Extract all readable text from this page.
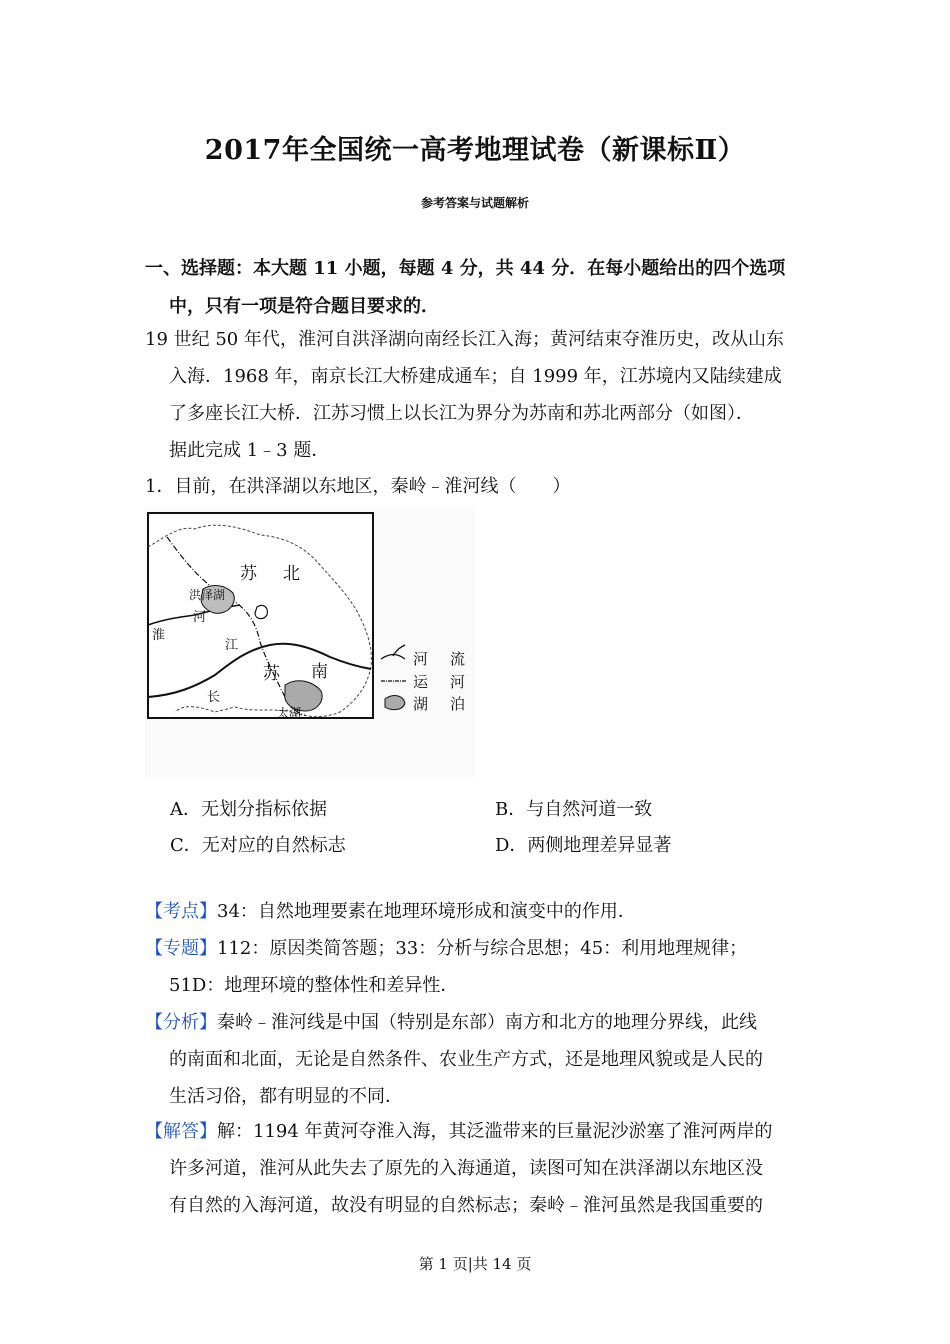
2017年全国统一高考地理试卷（新课标Ⅱ）
参考答案与试题解析
一、选择题：本大题 11 小题，每题 4 分，共 44 分．在每小题给出的四个选项
中，只有一项是符合题目要求的．
19 世纪 50 年代，淮河自洪泽湖向南经长江入海；黄河结束夺淮历史，改从山东
入海．1968 年，南京长江大桥建成通车；自 1999 年，江苏境内又陆续建成
了多座长江大桥．江苏习惯上以长江为界分为苏南和苏北两部分（如图）．
据此完成 1﹣3 题．
1．目前，在洪泽湖以东地区，秦岭﹣淮河线（　　）
苏 北
洪泽湖
淮
河
江
苏 南
长
太湖
河 流
运 河
湖 泊
A．无划分指标依据	B．与自然河道一致
C．无对应的自然标志	D．两侧地理差异显著
【考点】34：自然地理要素在地理环境形成和演变中的作用．
【专题】112：原因类简答题；33：分析与综合思想；45：利用地理规律；
51D：地理环境的整体性和差异性．
【分析】秦岭﹣淮河线是中国（特别是东部）南方和北方的地理分界线，此线
的南面和北面，无论是自然条件、农业生产方式，还是地理风貌或是人民的
生活习俗，都有明显的不同．
【解答】解：1194 年黄河夺淮入海，其泛滥带来的巨量泥沙淤塞了淮河两岸的
许多河道，淮河从此失去了原先的入海通道，读图可知在洪泽湖以东地区没
有自然的入海河道，故没有明显的自然标志；秦岭﹣淮河虽然是我国重要的
第 1 页|共 14 页
